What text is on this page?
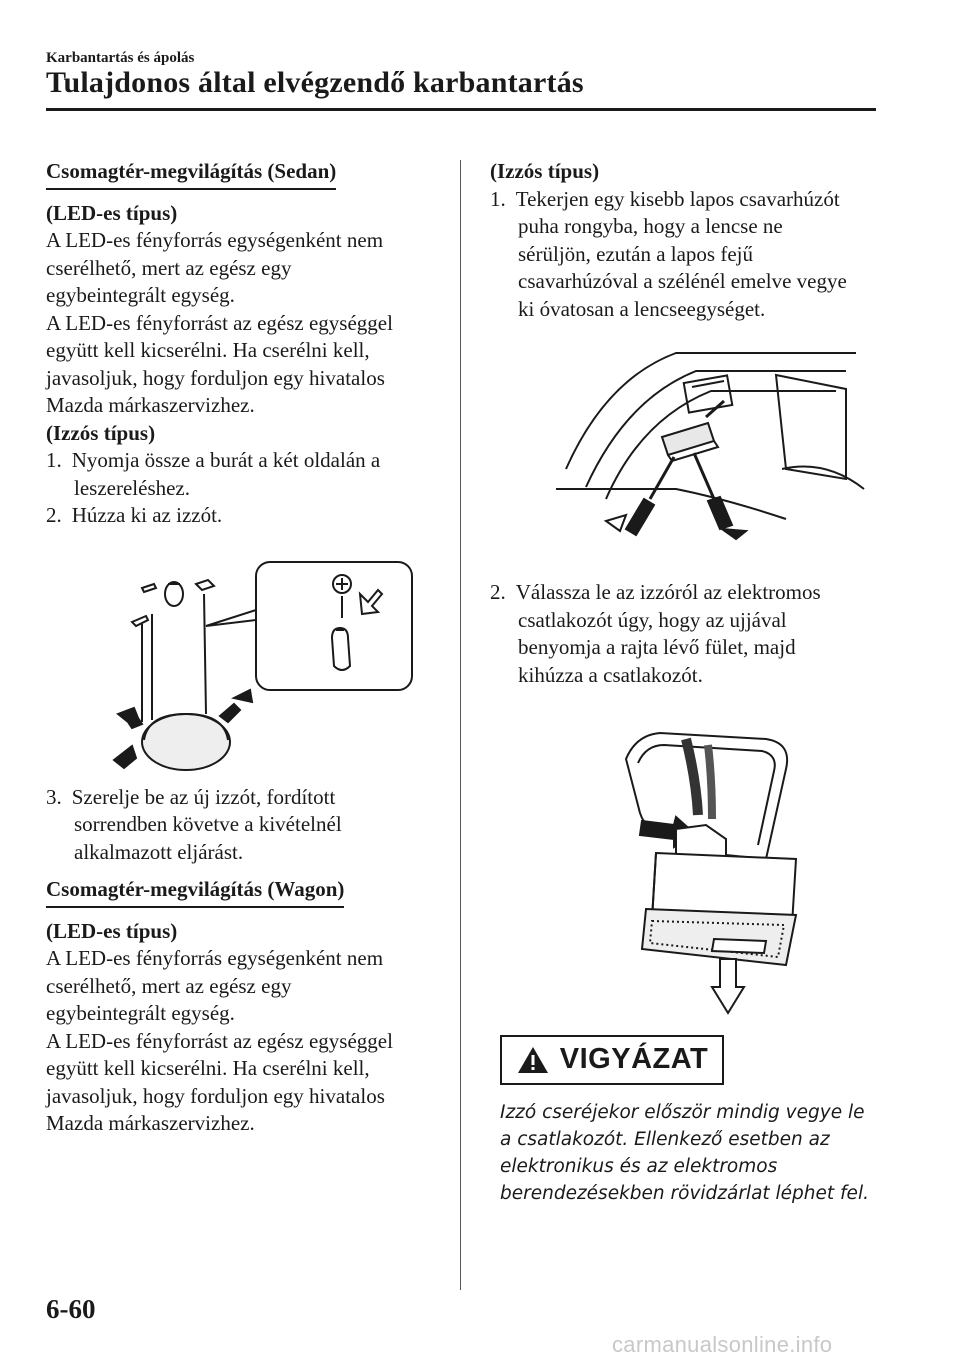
Karbantartás és ápolás
Tulajdonos által elvégzendő karbantartás

Csomagtér-megvilágítás (Sedan)

(LED-es típus)

A LED-es fényforrás egységenként nem

cserélhető, mert az egész egy

egybeintegrált egység.

A LED-es fényforrást az egész egységgel

együtt kell kicserélni. Ha cserélni kell,

javasoljuk, hogy forduljon egy hivatalos

Mazda márkaszervizhez.

(Izzós típus)

1. Nyomja össze a burát a két oldalán a

leszereléshez.

2. Húzza ki az izzót.

3. Szerelje be az új izzót, fordított

sorrendben követve a kivételnél

alkalmazott eljárást.

Csomagtér-megvilágítás (Wagon)

(LED-es típus)

A LED-es fényforrás egységenként nem

cserélhető, mert az egész egy

egybeintegrált egység.

A LED-es fényforrást az egész egységgel

együtt kell kicserélni. Ha cserélni kell,

javasoljuk, hogy forduljon egy hivatalos

Mazda márkaszervizhez.

(Izzós típus)

1. Tekerjen egy kisebb lapos csavarhúzót

puha rongyba, hogy a lencse ne

sérüljön, ezután a lapos fejű

csavarhúzóval a szélénél emelve vegye

ki óvatosan a lencseegységet.

2. Válassza le az izzóról az elektromos

csatlakozót úgy, hogy az ujjával

benyomja a rajta lévő fület, majd

kihúzza a csatlakozót.

VIGYÁZAT

Izzó cseréjekor először mindig vegye le
a csatlakozót. Ellenkező esetben az
elektronikus és az elektromos
berendezésekben rövidzárlat léphet fel.

6-60
carmanualsonline.info
